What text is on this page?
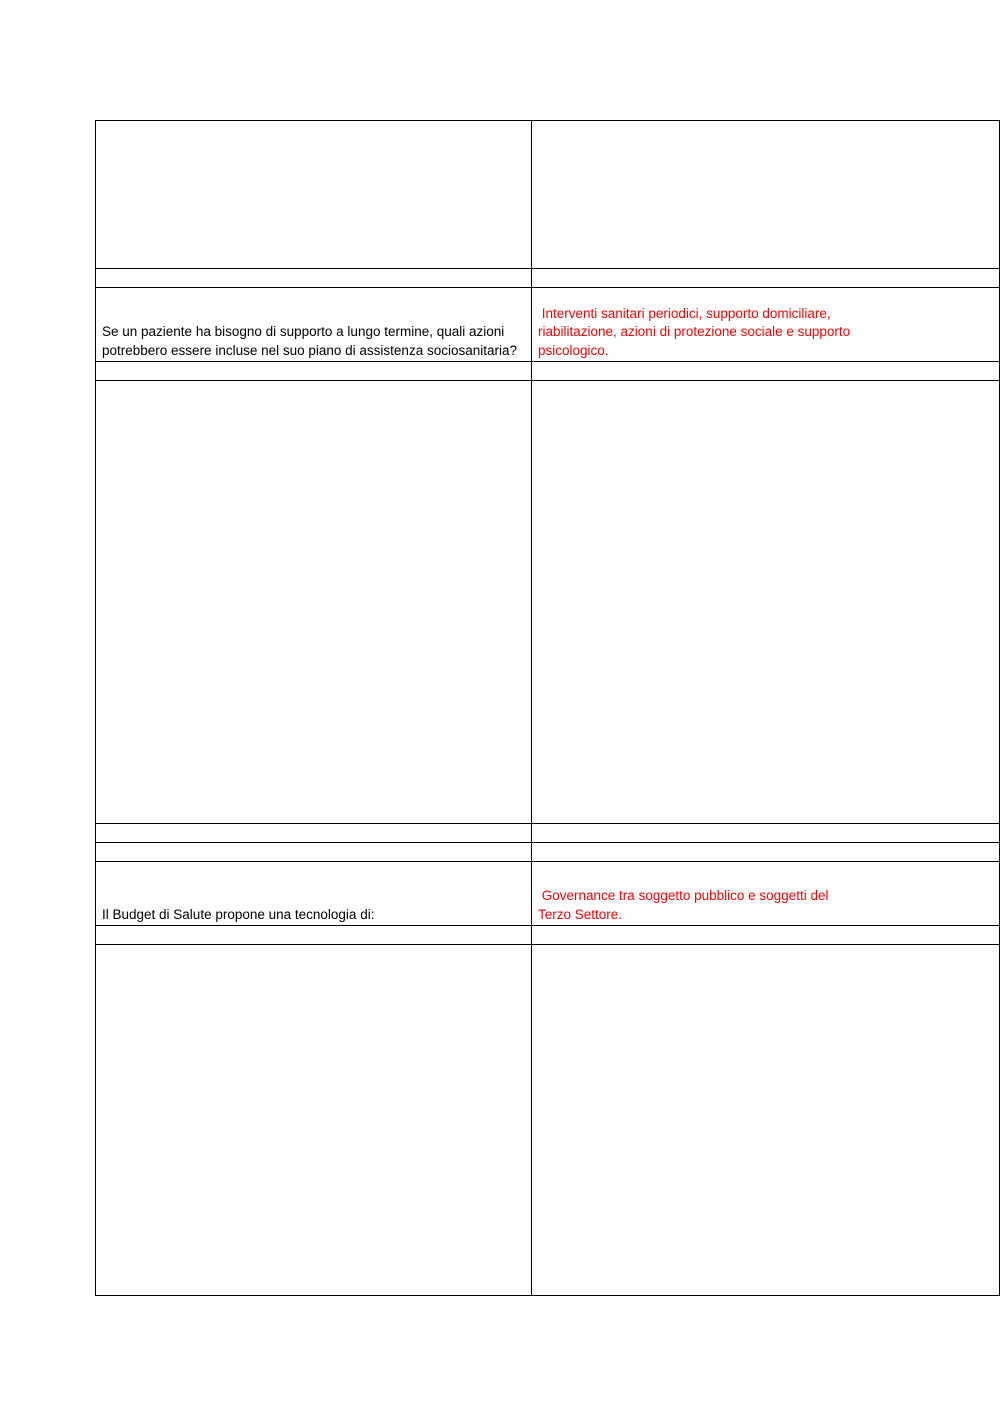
Se un paziente ha bisogno di supporto a lungo termine, quali azioni potrebbero essere incluse nel suo piano di assistenza sociosanitaria?	Interventi sanitari periodici, supporto domiciliare,
riabilitazione, azioni di protezione sociale e supporto
psicologico.

Il Budget di Salute propone una tecnologia di:	Governance tra soggetto pubblico e soggetti del
Terzo Settore.
